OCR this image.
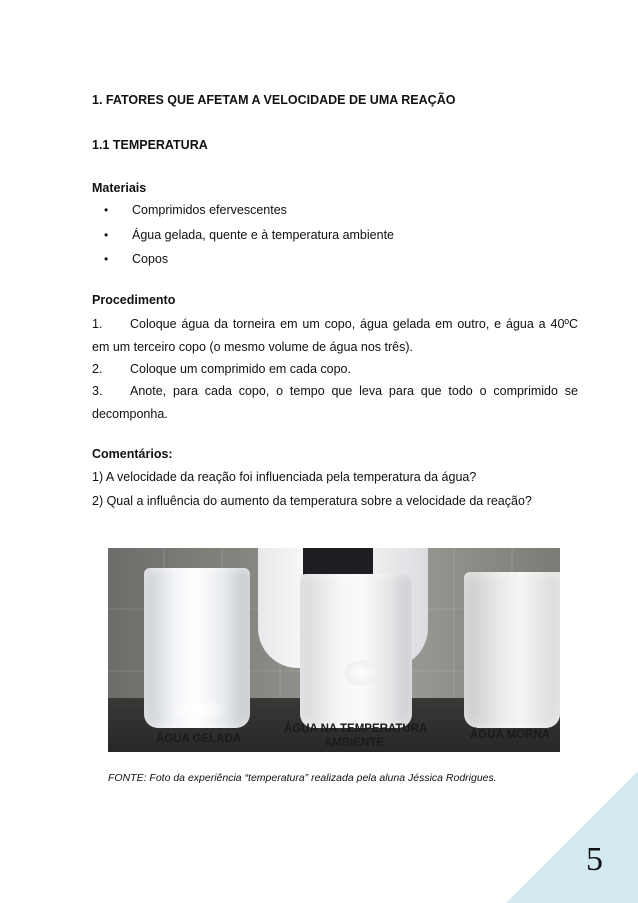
1. FATORES QUE AFETAM A VELOCIDADE DE UMA REAÇÃO
1.1 TEMPERATURA
Materiais
• Comprimidos efervescentes
• Água gelada, quente e à temperatura ambiente
• Copos
Procedimento
1. Coloque água da torneira em um copo, água gelada em outro, e água a 40ºC
em um terceiro copo (o mesmo volume de água nos três).
2. Coloque um comprimido em cada copo.
3. Anote, para cada copo, o tempo que leva para que todo o comprimido se
decomponha.
Comentários:
1) A velocidade da reação foi influenciada pela temperatura da água?
2) Qual a influência do aumento da temperatura sobre a velocidade da reação?
ÁGUA GELADA
ÁGUA NA TEMPERATURA
AMBIENTE
ÁGUA MORNA
FONTE: Foto da experiência “temperatura” realizada pela aluna Jéssica Rodrigues.
5
